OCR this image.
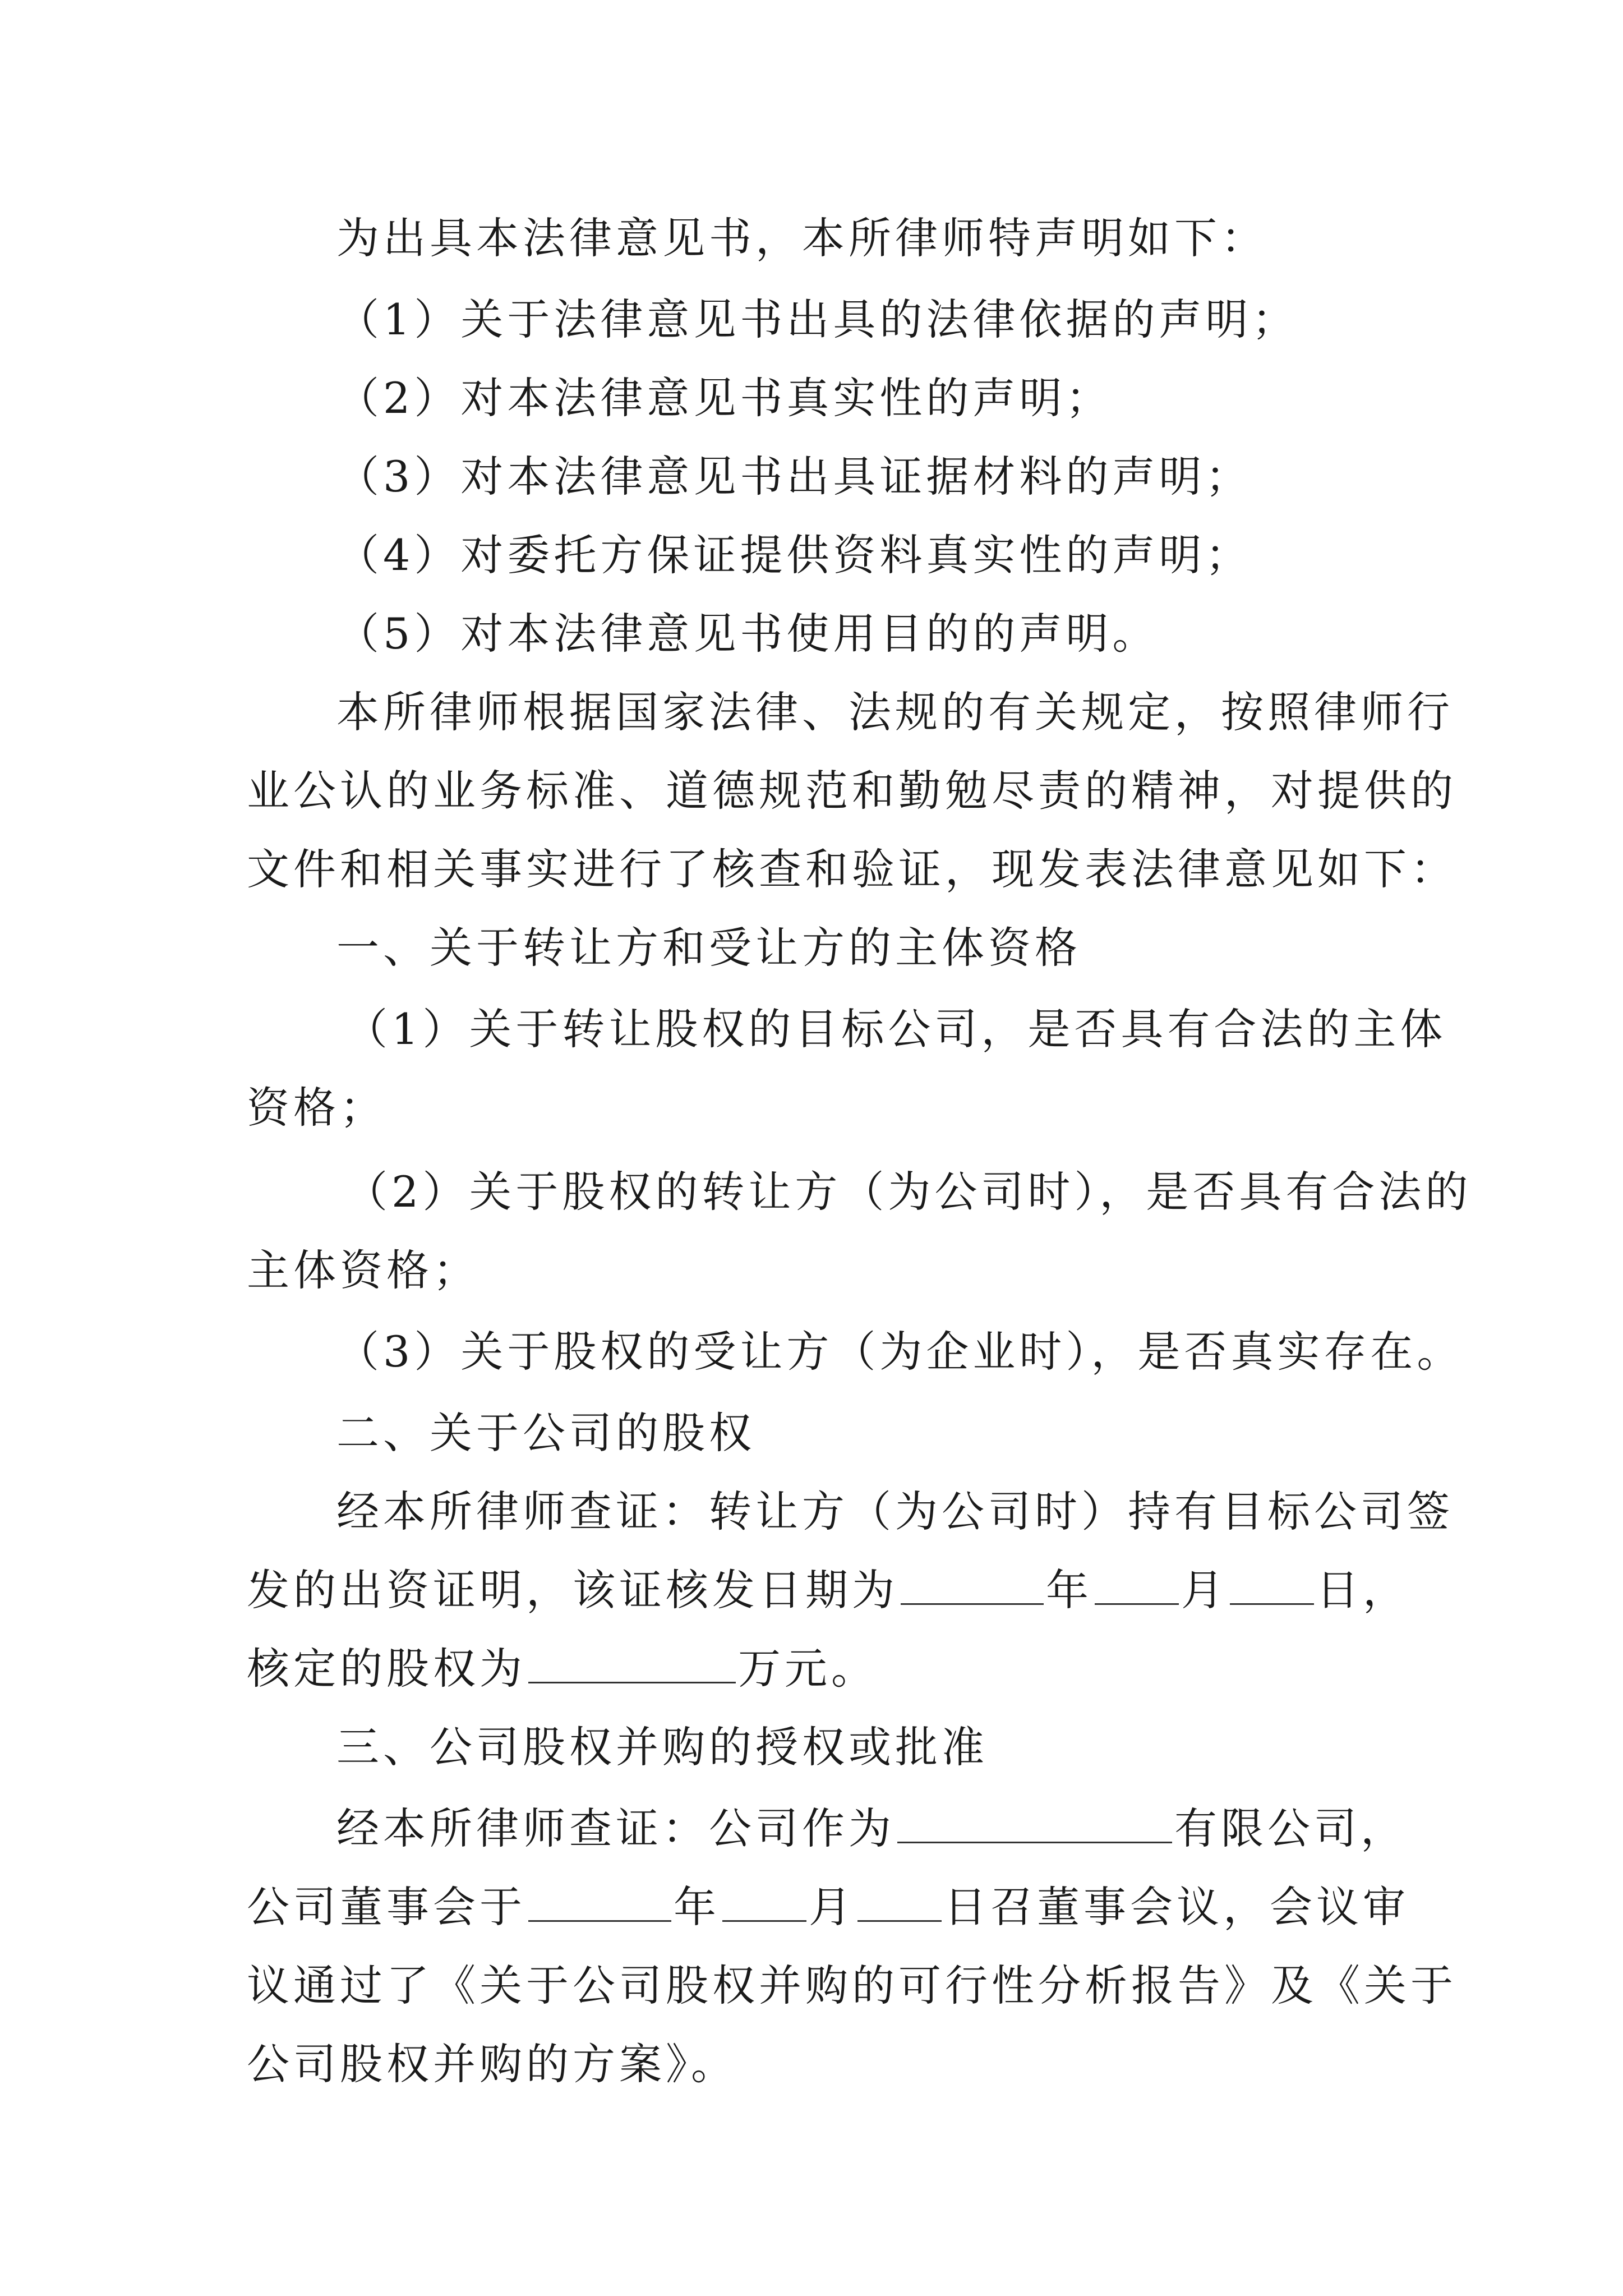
为出具本法律意见书，本所律师特声明如下：
（1）关于法律意见书出具的法律依据的声明；
（2）对本法律意见书真实性的声明；
（3）对本法律意见书出具证据材料的声明；
（4）对委托方保证提供资料真实性的声明；
（5）对本法律意见书使用目的的声明。
本所律师根据国家法律、法规的有关规定，按照律师行
业公认的业务标准、道德规范和勤勉尽责的精神，对提供的
文件和相关事实进行了核查和验证，现发表法律意见如下：
一、关于转让方和受让方的主体资格
（1）关于转让股权的目标公司，是否具有合法的主体
资格；
（2）关于股权的转让方（为公司时），是否具有合法的
主体资格；
（3）关于股权的受让方（为企业时），是否真实存在。
二、关于公司的股权
经本所律师查证：转让方（为公司时）持有目标公司签
发的出资证明，该证核发日期为	年 月 日，
核定的股权为	万元。
三、公司股权并购的授权或批准
经本所律师查证：公司作为	有限公司，
公司董事会于	年 月 日召董事会议，会议审
议通过了《关于公司股权并购的可行性分析报告》及《关于
公司股权并购的方案》。
